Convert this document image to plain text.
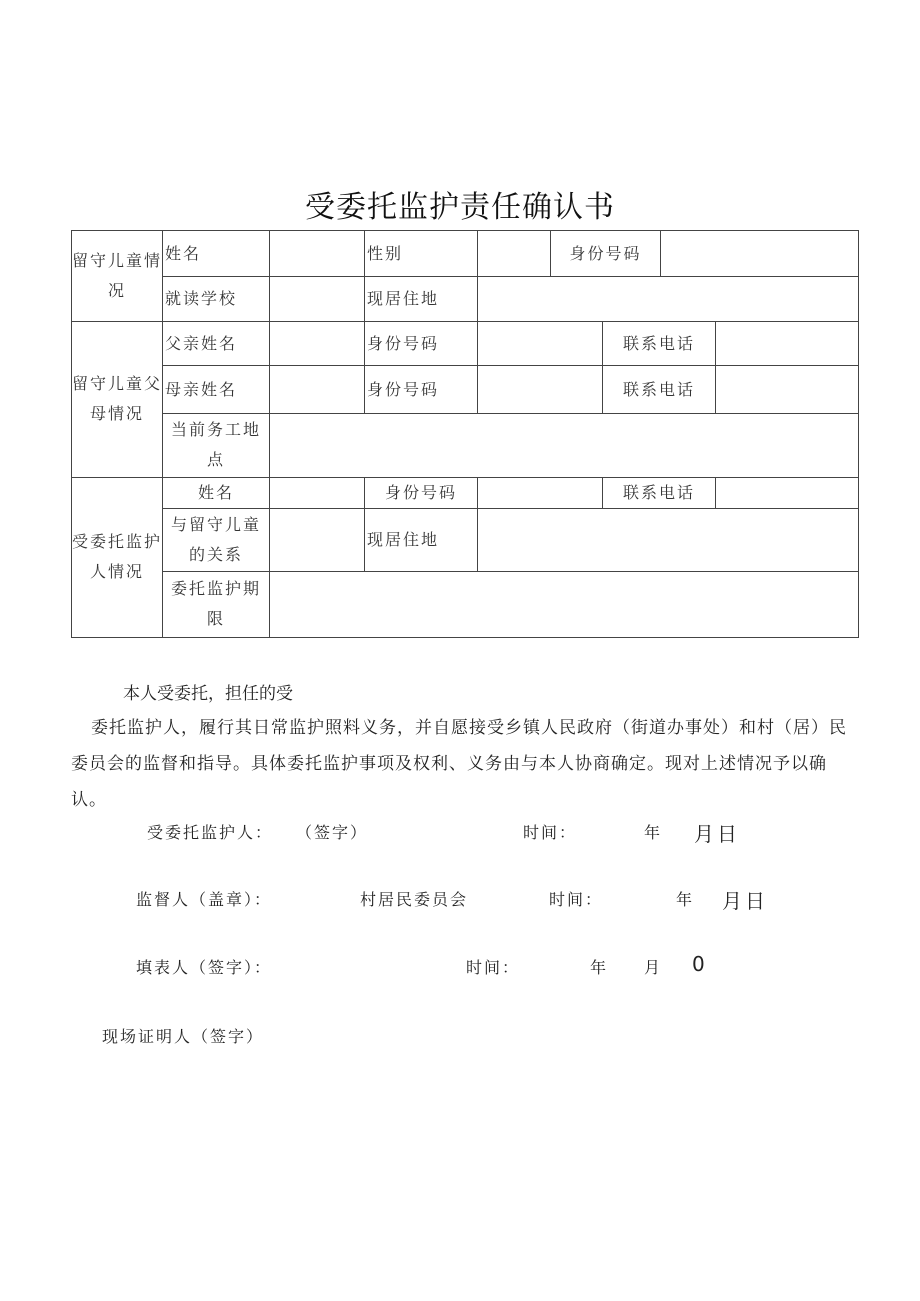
受委托监护责任确认书
留守儿童情况	姓名		性别		身份号码			
	就读学校		现居住地					
留守儿童父母情况	父亲姓名		身份号码			联系电话		
	母亲姓名		身份号码			联系电话		
	当前务工地点							
受委托监护人情况	姓名		身份号码			联系电话		
	与留守儿童的关系		现居住地					
	委托监护期限							
本人受委托，担任的受
委托监护人，履行其日常监护照料义务，并自愿接受乡镇人民政府（街道办事处）和村（居）民委员会的监督和指导。具体委托监护事项及权利、义务由与本人协商确定。现对上述情况予以确认。
受委托监护人： （签字）	时间：	年 月日
监督人（盖章）：	村居民委员会	时间：	年 月日
填表人（签字）：	时间：	年 月 0
现场证明人（签字）
